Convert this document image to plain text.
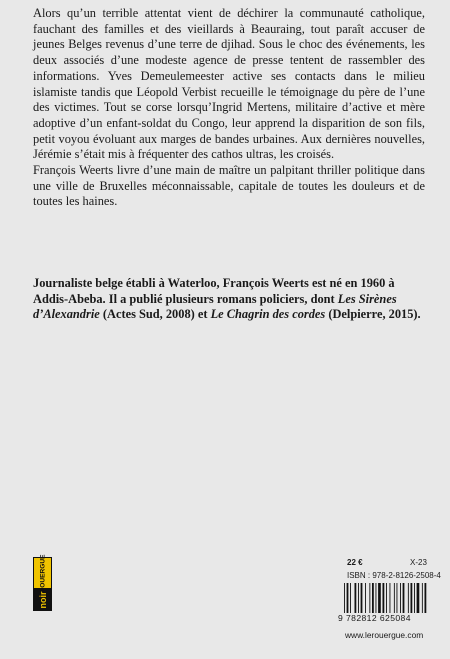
Alors qu’un terrible attentat vient de déchirer la communauté catholique, fauchant des familles et des vieillards à Beauraing, tout paraît accuser de jeunes Belges revenus d’une terre de djihad. Sous le choc des événements, les deux associés d’une modeste agence de presse tentent de rassembler des informations. Yves Demeulemeester active ses contacts dans le milieu islamiste tandis que Léopold Verbist recueille le témoignage du père de l’une des victimes. Tout se corse lorsqu’Ingrid Mertens, militaire d’active et mère adoptive d’un enfant-soldat du Congo, leur apprend la disparition de son fils, petit voyou évoluant aux marges de bandes urbaines. Aux dernières nouvelles, Jérémie s’était mis à fréquenter des cathos ultras, les croisés.

François Weerts livre d’une main de maître un palpitant thriller politique dans une ville de Bruxelles méconnaissable, capitale de toutes les douleurs et de toutes les haines.

Journaliste belge établi à Waterloo, François Weerts est né en 1960 à Addis-Abeba. Il a publié plusieurs romans policiers, dont Les Sirènes d’Alexandrie (Actes Sud, 2008) et Le Chagrin des cordes (Delpierre, 2015).
ROUERGUE
noir
22 €	X-23
ISBN : 978-2-8126-2508-4
9 782812 625084
www.lerouergue.com
